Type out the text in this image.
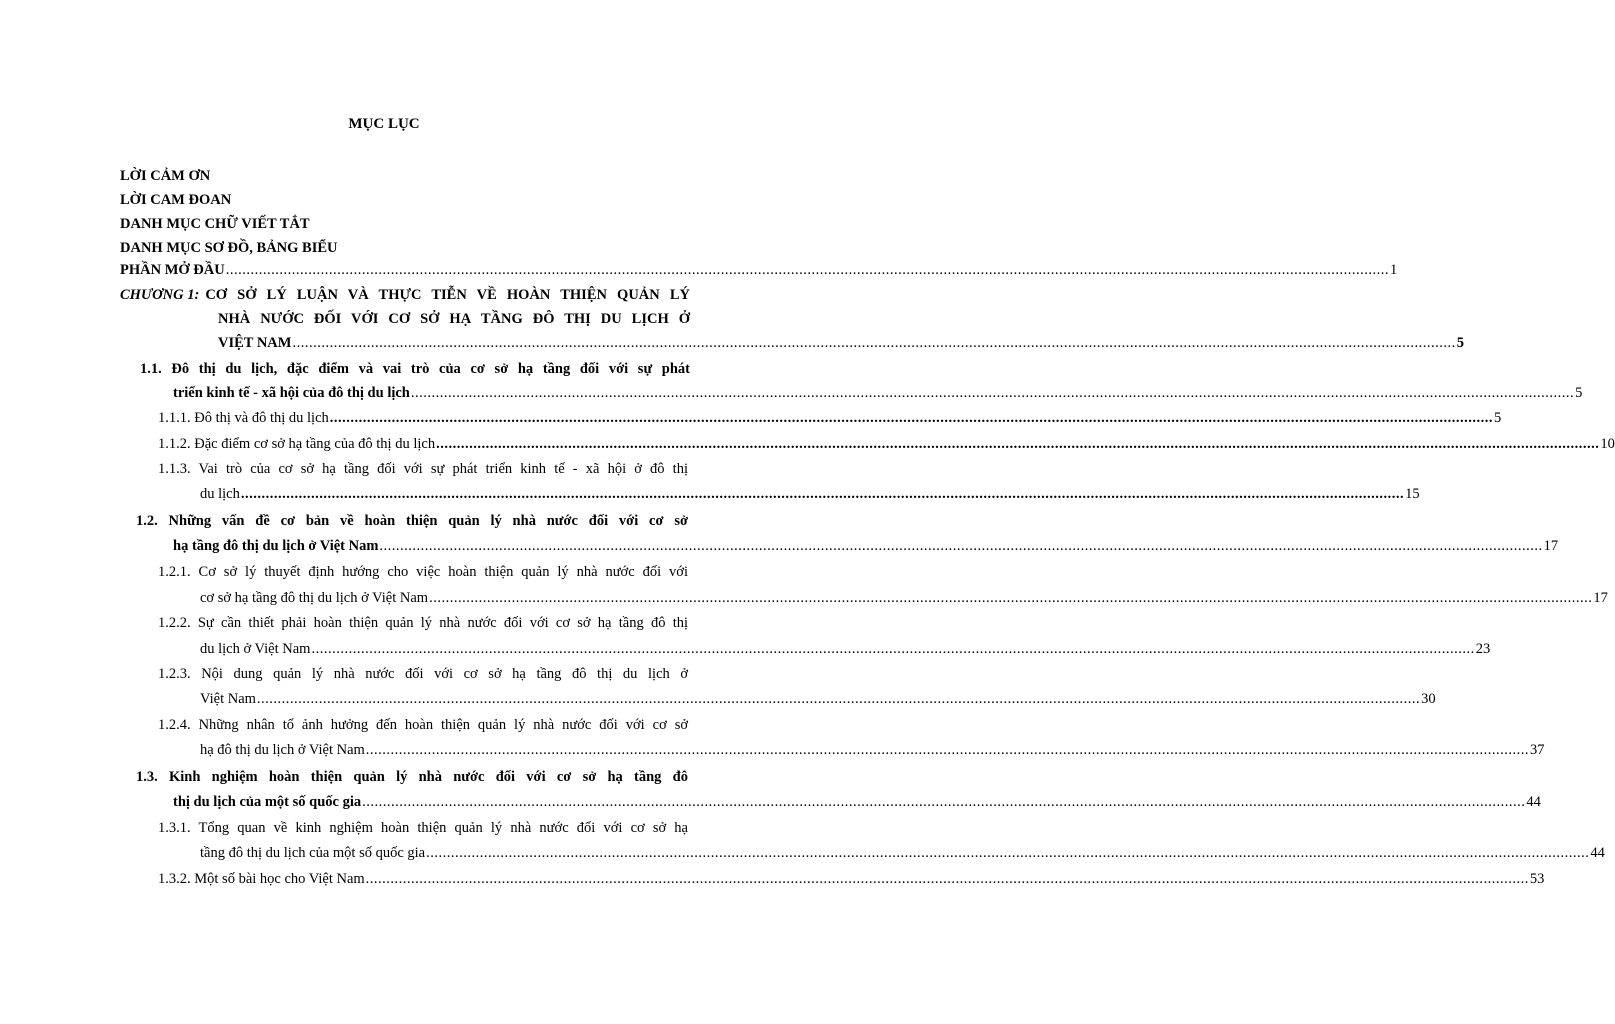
MỤC LỤC
LỜI CẢM ƠN
LỜI CAM ĐOAN
DANH MỤC CHỮ VIẾT TẮT
DANH MỤC SƠ ĐỒ, BẢNG BIỂU
PHẦN MỞ ĐẦU .......................................................................................................................................................................................................................................................................................... 1
CHƯƠNG 1: CƠ SỞ LÝ LUẬN VÀ THỰC TIỄN VỀ HOÀN THIỆN QUẢN LÝ
NHÀ NƯỚC ĐỐI VỚI CƠ SỞ HẠ TẦNG ĐÔ THỊ DU LỊCH Ở
VIỆT NAM .......................................................................................................................................................................................................................................................................................... 5
1.1. Đô thị du lịch, đặc điểm và vai trò của cơ sở hạ tầng đối với sự phát
triển kinh tế - xã hội của đô thị du lịch .......................................................................................................................................................................................................................................................................................... 5
1.1.1. Đô thị và đô thị du lịch .......................................................................................................................................................................................................................................................................................... 5
1.1.2. Đặc điểm cơ sở hạ tầng của đô thị du lịch .......................................................................................................................................................................................................................................................................................... 10
1.1.3. Vai trò của cơ sở hạ tầng đối với sự phát triển kinh tế - xã hội ở đô thị
du lịch .......................................................................................................................................................................................................................................................................................... 15
1.2. Những vấn đề cơ bản về hoàn thiện quản lý nhà nước đối với cơ sở
hạ tầng đô thị du lịch ở Việt Nam .......................................................................................................................................................................................................................................................................................... 17
1.2.1. Cơ sở lý thuyết định hướng cho việc hoàn thiện quản lý nhà nước đối với
cơ sở hạ tầng đô thị du lịch ở Việt Nam .......................................................................................................................................................................................................................................................................................... 17
1.2.2. Sự cần thiết phải hoàn thiện quản lý nhà nước đối với cơ sở hạ tầng đô thị
du lịch ở Việt Nam .......................................................................................................................................................................................................................................................................................... 23
1.2.3. Nội dung quản lý nhà nước đối với cơ sở hạ tầng đô thị du lịch ở
Việt Nam .......................................................................................................................................................................................................................................................................................... 30
1.2.4. Những nhân tố ảnh hưởng đến hoàn thiện quản lý nhà nước đối với cơ sở
hạ đô thị du lịch ở Việt Nam .......................................................................................................................................................................................................................................................................................... 37
1.3. Kinh nghiệm hoàn thiện quản lý nhà nước đối với cơ sở hạ tầng đô
thị du lịch của một số quốc gia .......................................................................................................................................................................................................................................................................................... 44
1.3.1. Tổng quan về kinh nghiệm hoàn thiện quản lý nhà nước đối với cơ sở hạ
tầng đô thị du lịch của một số quốc gia .......................................................................................................................................................................................................................................................................................... 44
1.3.2. Một số bài học cho Việt Nam .......................................................................................................................................................................................................................................................................................... 53
